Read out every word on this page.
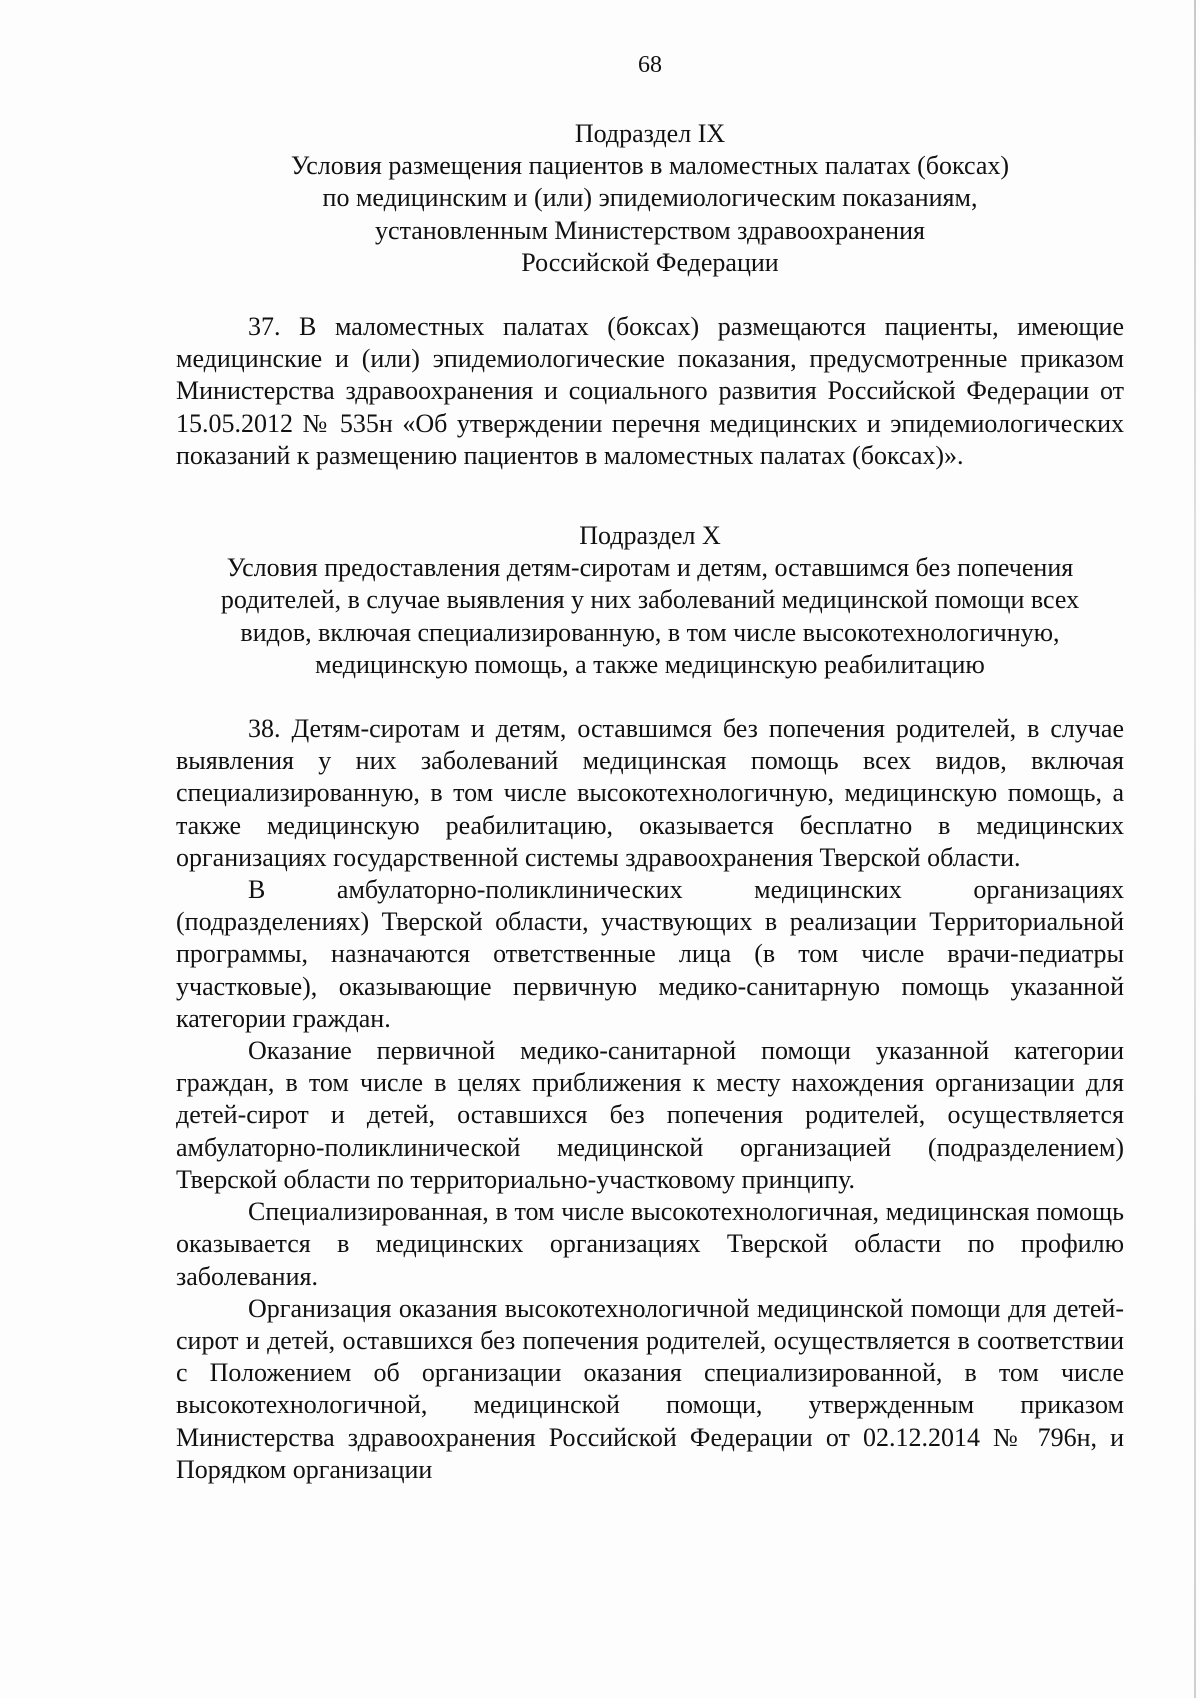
68
Подраздел IX
Условия размещения пациентов в маломестных палатах (боксах)
по медицинским и (или) эпидемиологическим показаниям,
установленным Министерством здравоохранения
Российской Федерации

37. В маломестных палатах (боксах) размещаются пациенты, имеющие медицинские и (или) эпидемиологические показания, предусмотренные приказом Министерства здравоохранения и социального развития Российской Федерации от 15.05.2012 № 535н «Об утверждении перечня медицинских и эпидемиологических показаний к размещению пациентов в маломестных палатах (боксах)».

Подраздел X
Условия предоставления детям-сиротам и детям, оставшимся без попечения
родителей, в случае выявления у них заболеваний медицинской помощи всех
видов, включая специализированную, в том числе высокотехнологичную,
медицинскую помощь, а также медицинскую реабилитацию

38. Детям-сиротам и детям, оставшимся без попечения родителей, в случае выявления у них заболеваний медицинская помощь всех видов, включая специализированную, в том числе высокотехнологичную, медицинскую помощь, а также медицинскую реабилитацию, оказывается бесплатно в медицинских организациях государственной системы здравоохранения Тверской области.

В амбулаторно-поликлинических медицинских организациях (подразделениях) Тверской области, участвующих в реализации Территориальной программы, назначаются ответственные лица (в том числе врачи-педиатры участковые), оказывающие первичную медико-санитарную помощь указанной категории граждан.

Оказание первичной медико-санитарной помощи указанной категории граждан, в том числе в целях приближения к месту нахождения организации для детей-сирот и детей, оставшихся без попечения родителей, осуществляется амбулаторно-поликлинической медицинской организацией (подразделением) Тверской области по территориально-участковому принципу.

Специализированная, в том числе высокотехнологичная, медицинская помощь оказывается в медицинских организациях Тверской области по профилю заболевания.

Организация оказания высокотехнологичной медицинской помощи для детей-сирот и детей, оставшихся без попечения родителей, осуществляется в соответствии с Положением об организации оказания специализированной, в том числе высокотехнологичной, медицинской помощи, утвержденным приказом Министерства здравоохранения Российской Федерации от 02.12.2014 № 796н, и Порядком организации
